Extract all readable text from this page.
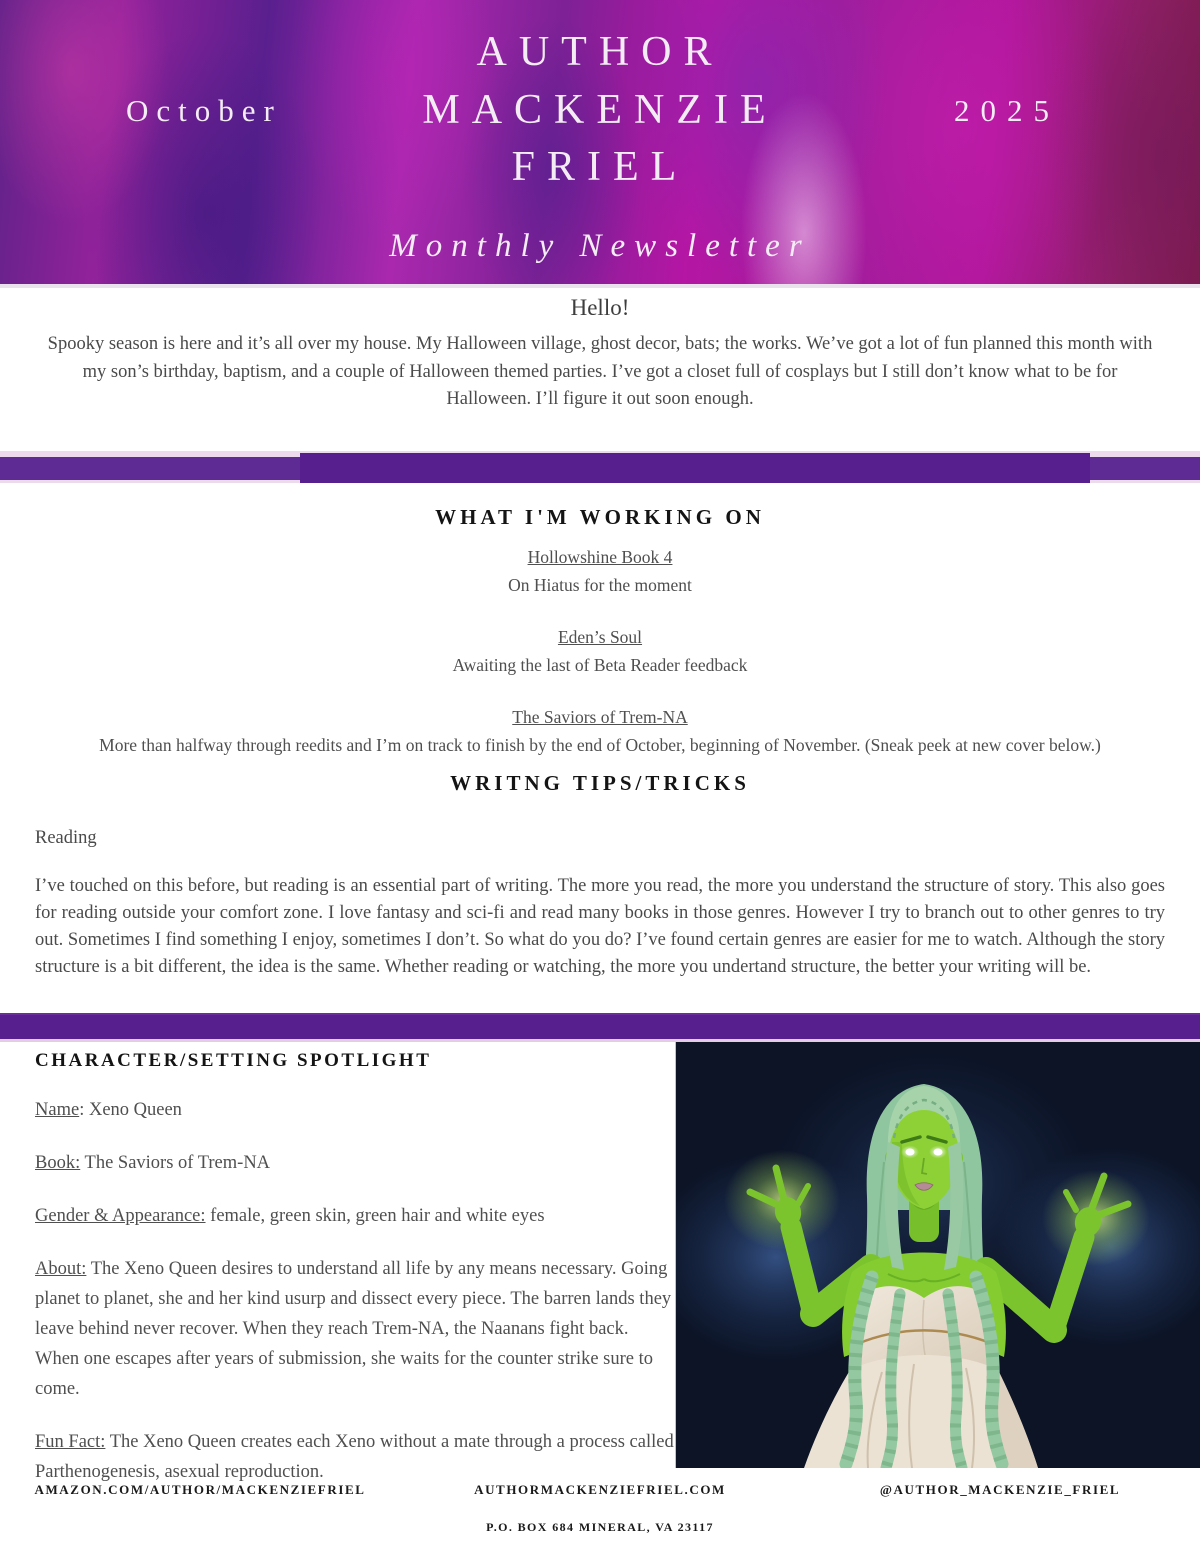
October	2025
AUTHOR
MACKENZIE
FRIEL
Monthly Newsletter
Hello!

Spooky season is here and it’s all over my house. My Halloween village, ghost decor, bats; the works. We’ve got a lot of fun planned this month with my son’s birthday, baptism, and a couple of Halloween themed parties. I’ve got a closet full of cosplays but I still don’t know what to be for Halloween. I’ll figure it out soon enough.

WHAT I'M WORKING ON
Hollowshine Book 4
On Hiatus for the moment
Eden’s Soul
Awaiting the last of Beta Reader feedback
The Saviors of Trem-NA
More than halfway through reedits and I’m on track to finish by the end of October, beginning of November. (Sneak peek at new cover below.)
WRITNG TIPS/TRICKS
Reading

I’ve touched on this before, but reading is an essential part of writing. The more you read, the more you understand the structure of story. This also goes for reading outside your comfort zone. I love fantasy and sci-fi and read many books in those genres. However I try to branch out to other genres to try out. Sometimes I find something I enjoy, sometimes I don’t. So what do you do? I’ve found certain genres are easier for me to watch. Although the story structure is a bit different, the idea is the same. Whether reading or watching, the more you undertand structure, the better your writing will be.

CHARACTER/SETTING SPOTLIGHT
Name: Xeno Queen
Book: The Saviors of Trem-NA
Gender & Appearance: female, green skin, green hair and white eyes
About: The Xeno Queen desires to understand all life by any means necessary. Going planet to planet, she and her kind usurp and dissect every piece. The barren lands they leave behind never recover. When they reach Trem-NA, the Naanans fight back. When one escapes after years of submission, she waits for the counter strike sure to come.
Fun Fact: The Xeno Queen creates each Xeno without a mate through a process called Parthenogenesis, asexual reproduction.
AMAZON.COM/AUTHOR/MACKENZIEFRIEL	AUTHORMACKENZIEFRIEL.COM	@AUTHOR_MACKENZIE_FRIEL
P.O. BOX 684 MINERAL, VA 23117
